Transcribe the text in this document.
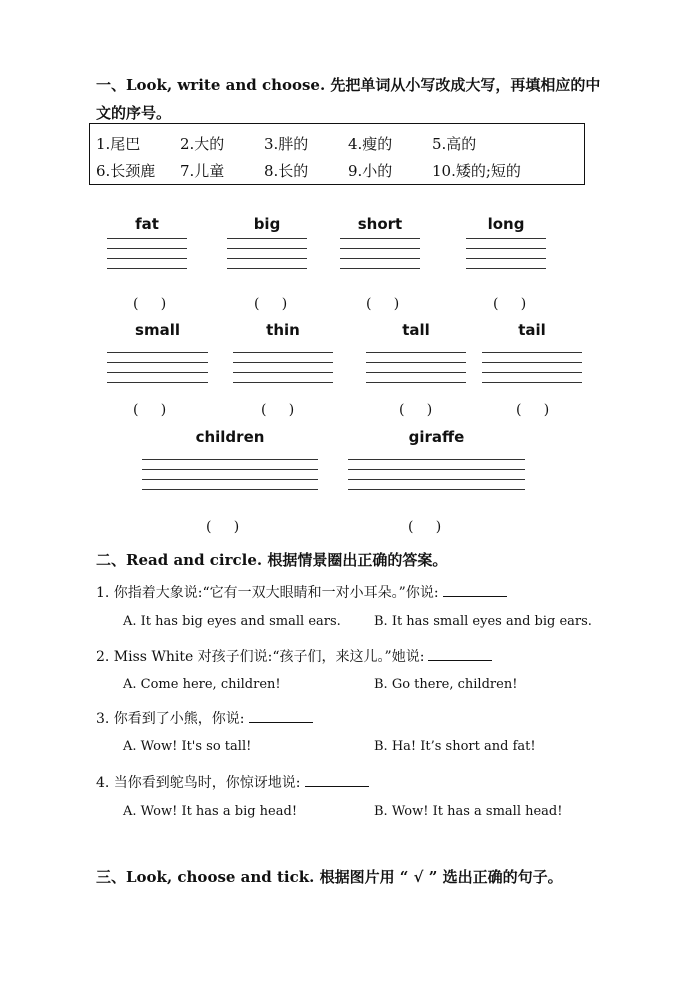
一、Look, write and choose. 先把单词从小写改成大写，再填相应的中
文的序号。
1.尾巴	2.大的	3.胖的	4.瘦的	5.高的
6.长颈鹿 7.儿童	8.长的	9.小的	10.矮的;短的
fat
(     )
big
(     )
short
(     )
long
(     )
small
(     )
thin
(     )
tall
(     )
tail
(     )
children
(     )
giraffe
(     )
二、Read and circle. 根据情景圈出正确的答案。
1. 你指着大象说:“它有一双大眼睛和一对小耳朵。”你说:
A. It has big eyes and small ears.	B. It has small eyes and big ears.
2. Miss White 对孩子们说:“孩子们，来这儿。”她说:
A. Come here, children!	B. Go there, children!
3. 你看到了小熊，你说:
A. Wow! It's so tall!	B. Ha! It’s short and fat!
4. 当你看到鸵鸟时，你惊讶地说:
A. Wow! It has a big head!	B. Wow! It has a small head!
三、Look, choose and tick. 根据图片用 “ √ ” 选出正确的句子。
